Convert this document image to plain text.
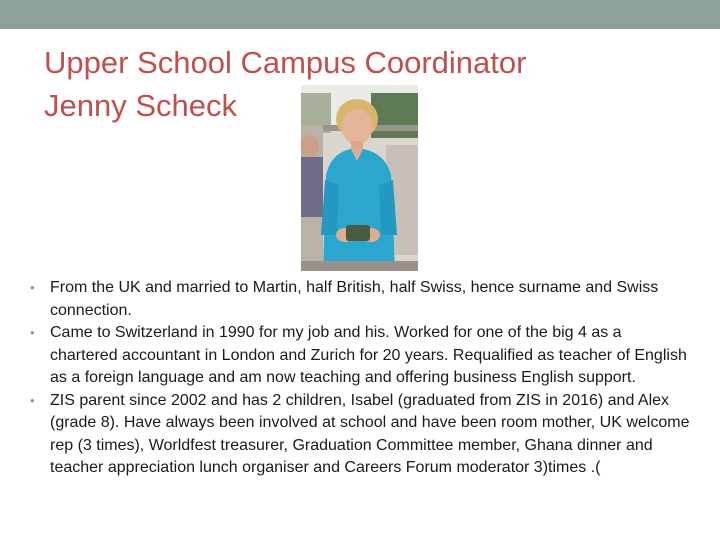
Upper School Campus Coordinator
Jenny Scheck
• From the UK and married to Martin, half British, half Swiss, hence surname and Swiss connection.
• Came to Switzerland in 1990 for my job and his. Worked for one of the big 4 as a chartered accountant in London and Zurich for 20 years. Requalified as teacher of English as a foreign language and am now teaching and offering business English support.
• ZIS parent since 2002 and has 2 children, Isabel (graduated from ZIS in 2016) and Alex (grade 8). Have always been involved at school and have been room mother, UK welcome rep (3 times), Worldfest treasurer, Graduation Committee member, Ghana dinner and teacher appreciation lunch organiser and Careers Forum moderator 3)times .(
